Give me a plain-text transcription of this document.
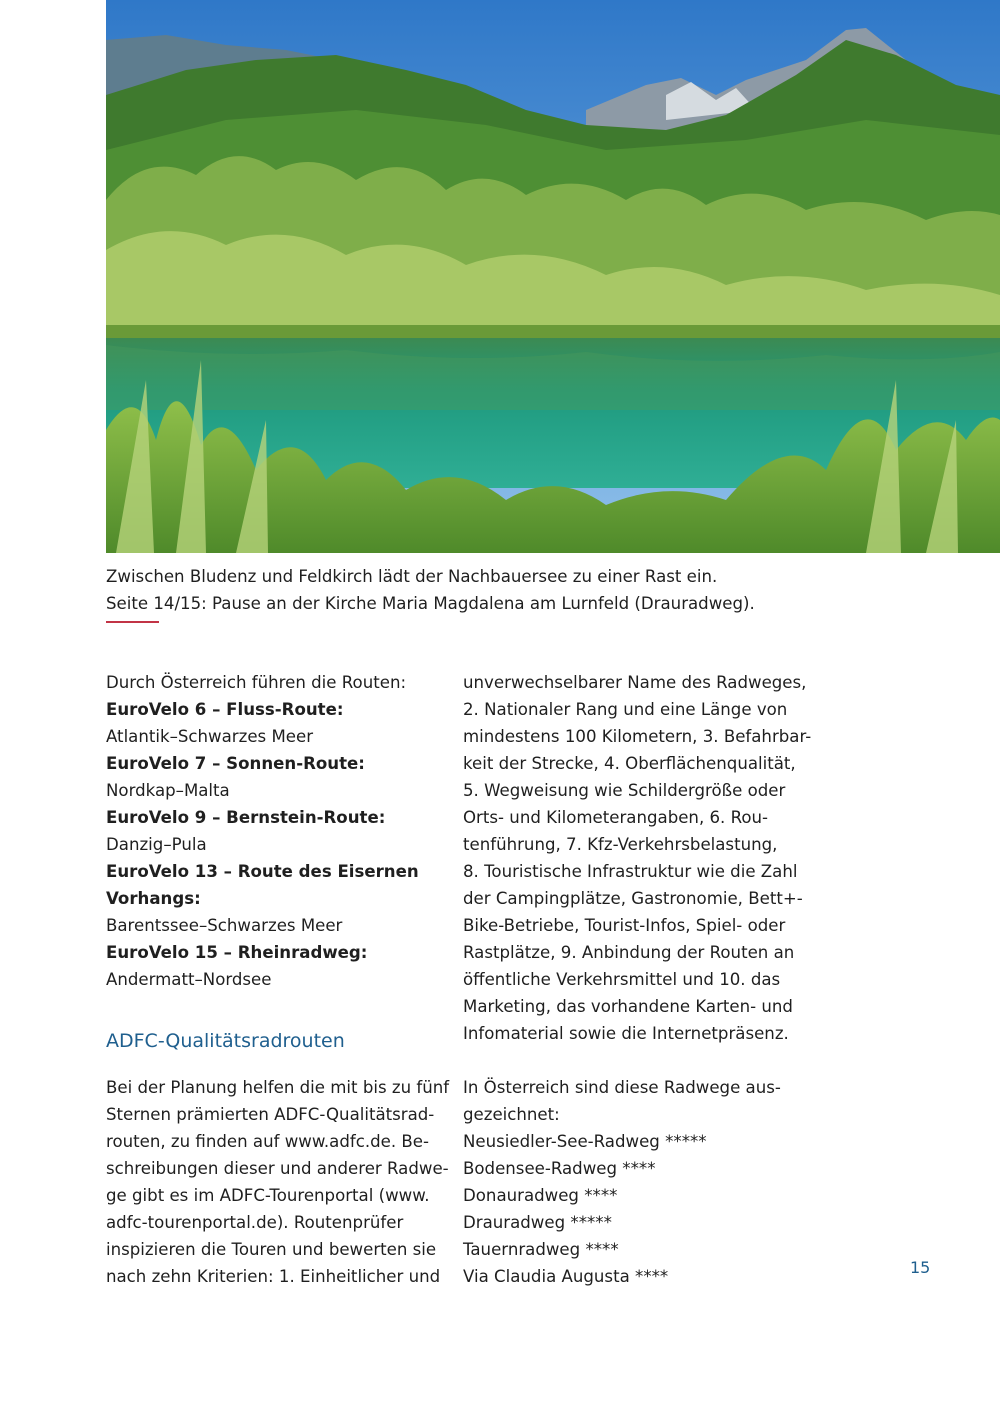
Zwischen Bludenz und Feldkirch lädt der Nachbauersee zu einer Rast ein.

Seite 14/15: Pause an der Kirche Maria Magdalena am Lurnfeld (Drauradweg).

Durch Österreich führen die Routen:

EuroVelo 6 – Fluss-Route:

Atlantik–Schwarzes Meer

EuroVelo 7 – Sonnen-Route:

Nordkap–Malta

EuroVelo 9 – Bernstein-Route:

Danzig–Pula

EuroVelo 13 – Route des Eisernen

Vorhangs:

Barentssee–Schwarzes Meer

EuroVelo 15 – Rheinradweg:

Andermatt–Nordsee

ADFC-Qualitätsradrouten

Bei der Planung helfen die mit bis zu fünf

Sternen prämierten ADFC-Qualitätsrad-

routen, zu finden auf www.adfc.de. Be-

schreibungen dieser und anderer Radwe-

ge gibt es im ADFC-Tourenportal (www.

adfc-tourenportal.de). Routenprüfer

inspizieren die Touren und bewerten sie

nach zehn Kriterien: 1. Einheitlicher und

unverwechselbarer Name des Radweges,

2. Nationaler Rang und eine Länge von

mindestens 100 Kilometern, 3. Befahrbar-

keit der Strecke, 4. Oberflächenqualität,

5. Wegweisung wie Schildergröße oder

Orts- und Kilometerangaben, 6. Rou-

tenführung, 7. Kfz-Verkehrsbelastung,

8. Touristische Infrastruktur wie die Zahl

der Campingplätze, Gastronomie, Bett+-

Bike-Betriebe, Tourist-Infos, Spiel- oder

Rastplätze, 9. Anbindung der Routen an

öffentliche Verkehrsmittel und 10. das

Marketing, das vorhandene Karten- und

Infomaterial sowie die Internetpräsenz.

In Österreich sind diese Radwege aus-

gezeichnet:

Neusiedler-See-Radweg *****

Bodensee-Radweg ****

Donauradweg ****

Drauradweg *****

Tauernradweg ****

Via Claudia Augusta ****	15
